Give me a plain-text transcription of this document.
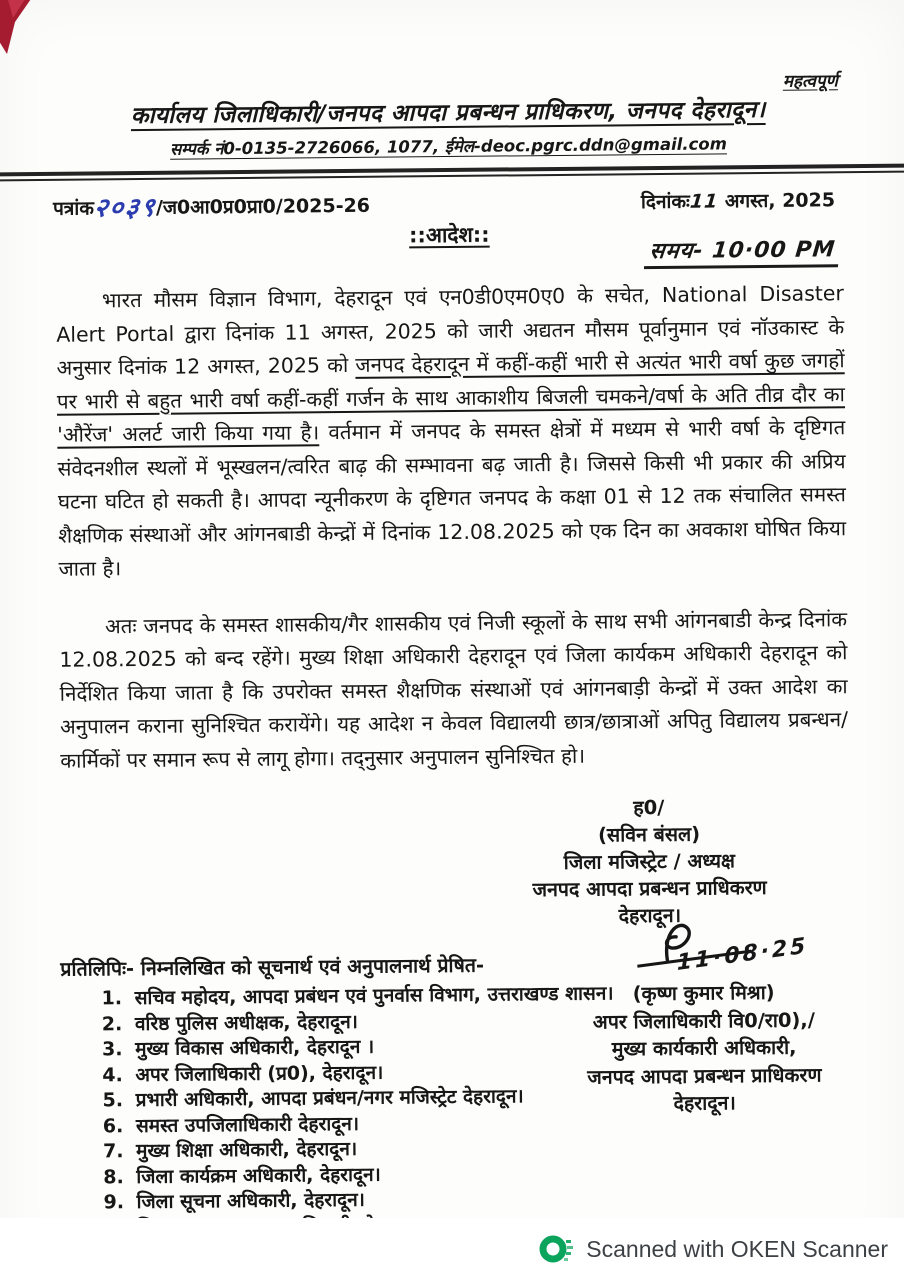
महत्वपूर्ण
कार्यालय जिलाधिकारी/जनपद आपदा प्रबन्धन प्राधिकरण, जनपद देहरादून।
सम्पर्क नं0-0135-2726066, 1077, ईमेल-deoc.pgrc.ddn@gmail.com
पत्रांक२०३९/ज0आ0प्र0प्रा0/2025-26	दिनांकः11 अगस्त, 2025
::आदेश::
समय- 10·00 PM

भारत मौसम विज्ञान विभाग, देहरादून एवं एन0डी0एम0ए0 के सचेत, National Disaster Alert Portal द्वारा दिनांक 11 अगस्त, 2025 को जारी अद्यतन मौसम पूर्वानुमान एवं नॉउकास्ट के अनुसार दिनांक 12 अगस्त, 2025 को जनपद देहरादून में कहीं-कहीं भारी से अत्यंत भारी वर्षा कुछ जगहों पर भारी से बहुत भारी वर्षा कहीं-कहीं गर्जन के साथ आकाशीय बिजली चमकने/वर्षा के अति तीव्र दौर का 'औरेंज' अलर्ट जारी किया गया है। वर्तमान में जनपद के समस्त क्षेत्रों में मध्यम से भारी वर्षा के दृष्टिगत संवेदनशील स्थलों में भूस्खलन/त्वरित बाढ़ की सम्भावना बढ़ जाती है। जिससे किसी भी प्रकार की अप्रिय घटना घटित हो सकती है। आपदा न्यूनीकरण के दृष्टिगत जनपद के कक्षा 01 से 12 तक संचालित समस्त शैक्षणिक संस्थाओं और आंगनबाडी केन्द्रों में दिनांक 12.08.2025 को एक दिन का अवकाश घोषित किया जाता है।

अतः जनपद के समस्त शासकीय/गैर शासकीय एवं निजी स्कूलों के साथ सभी आंगनबाडी केन्द्र दिनांक 12.08.2025 को बन्द रहेंगे। मुख्य शिक्षा अधिकारी देहरादून एवं जिला कार्यकम अधिकारी देहरादून को निर्देशित किया जाता है कि उपरोक्त समस्त शैक्षणिक संस्थाओं एवं आंगनबाड़ी केन्द्रों में उक्त आदेश का अनुपालन कराना सुनिश्चित करायेंगे। यह आदेश न केवल विद्यालयी छात्र/छात्राओं अपितु विद्यालय प्रबन्धन/कार्मिकों पर समान रूप से लागू होगा। तद्नुसार अनुपालन सुनिश्चित हो।

ह0/
(सविन बंसल)
जिला मजिस्ट्रेट / अध्यक्ष
जनपद आपदा प्रबन्धन प्राधिकरण
देहरादून।
प्रतिलिपिः- निम्नलिखित को सूचनार्थ एवं अनुपालनार्थ प्रेषित-
1. सचिव महोदय, आपदा प्रबंधन एवं पुनर्वास विभाग, उत्तराखण्ड शासन।
2. वरिष्ठ पुलिस अधीक्षक, देहरादून।
3. मुख्य विकास अधिकारी, देहरादून ।
4. अपर जिलाधिकारी (प्र0), देहरादून।
5. प्रभारी अधिकारी, आपदा प्रबंधन/नगर मजिस्ट्रेट देहरादून।
6. समस्त उपजिलाधिकारी देहरादून।
7. मुख्य शिक्षा अधिकारी, देहरादून।
8. जिला कार्यक्रम अधिकारी, देहरादून।
9. जिला सूचना अधिकारी, देहरादून।
10.
11·08·25
(कृष्ण कुमार मिश्रा)
अपर जिलाधिकारी वि0/रा0),/
मुख्य कार्यकारी अधिकारी,
जनपद आपदा प्रबन्धन प्राधिकरण
देहरादून।
Scanned with OKEN Scanner
